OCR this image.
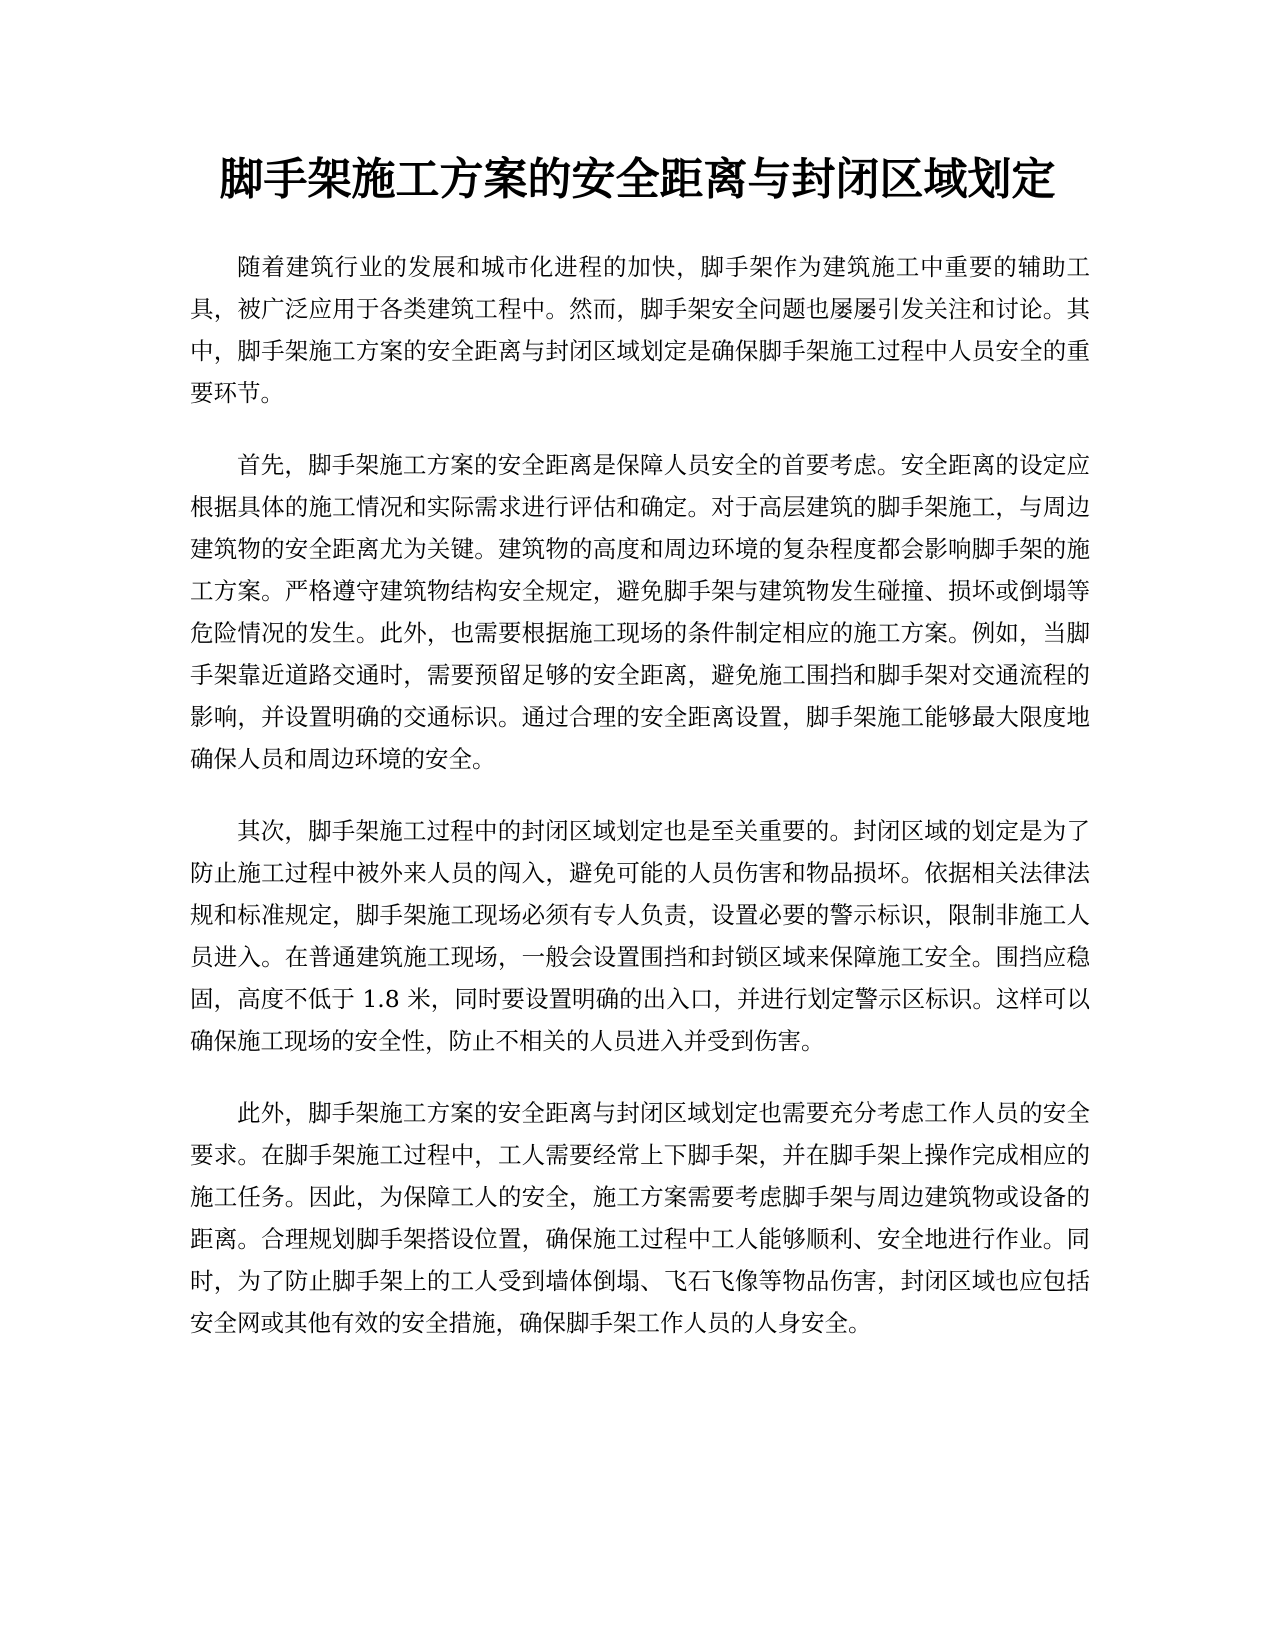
脚手架施工方案的安全距离与封闭区域划定

随着建筑行业的发展和城市化进程的加快，脚手架作为建筑施工中重要的辅助工具，被广泛应用于各类建筑工程中。然而，脚手架安全问题也屡屡引发关注和讨论。其中，脚手架施工方案的安全距离与封闭区域划定是确保脚手架施工过程中人员安全的重要环节。

首先，脚手架施工方案的安全距离是保障人员安全的首要考虑。安全距离的设定应根据具体的施工情况和实际需求进行评估和确定。对于高层建筑的脚手架施工，与周边建筑物的安全距离尤为关键。建筑物的高度和周边环境的复杂程度都会影响脚手架的施工方案。严格遵守建筑物结构安全规定，避免脚手架与建筑物发生碰撞、损坏或倒塌等危险情况的发生。此外，也需要根据施工现场的条件制定相应的施工方案。例如，当脚手架靠近道路交通时，需要预留足够的安全距离，避免施工围挡和脚手架对交通流程的影响，并设置明确的交通标识。通过合理的安全距离设置，脚手架施工能够最大限度地确保人员和周边环境的安全。

其次，脚手架施工过程中的封闭区域划定也是至关重要的。封闭区域的划定是为了防止施工过程中被外来人员的闯入，避免可能的人员伤害和物品损坏。依据相关法律法规和标准规定，脚手架施工现场必须有专人负责，设置必要的警示标识，限制非施工人员进入。在普通建筑施工现场，一般会设置围挡和封锁区域来保障施工安全。围挡应稳固，高度不低于 1.8 米，同时要设置明确的出入口，并进行划定警示区标识。这样可以确保施工现场的安全性，防止不相关的人员进入并受到伤害。

此外，脚手架施工方案的安全距离与封闭区域划定也需要充分考虑工作人员的安全要求。在脚手架施工过程中，工人需要经常上下脚手架，并在脚手架上操作完成相应的施工任务。因此，为保障工人的安全，施工方案需要考虑脚手架与周边建筑物或设备的距离。合理规划脚手架搭设位置，确保施工过程中工人能够顺利、安全地进行作业。同时，为了防止脚手架上的工人受到墙体倒塌、飞石飞像等物品伤害，封闭区域也应包括安全网或其他有效的安全措施，确保脚手架工作人员的人身安全。
